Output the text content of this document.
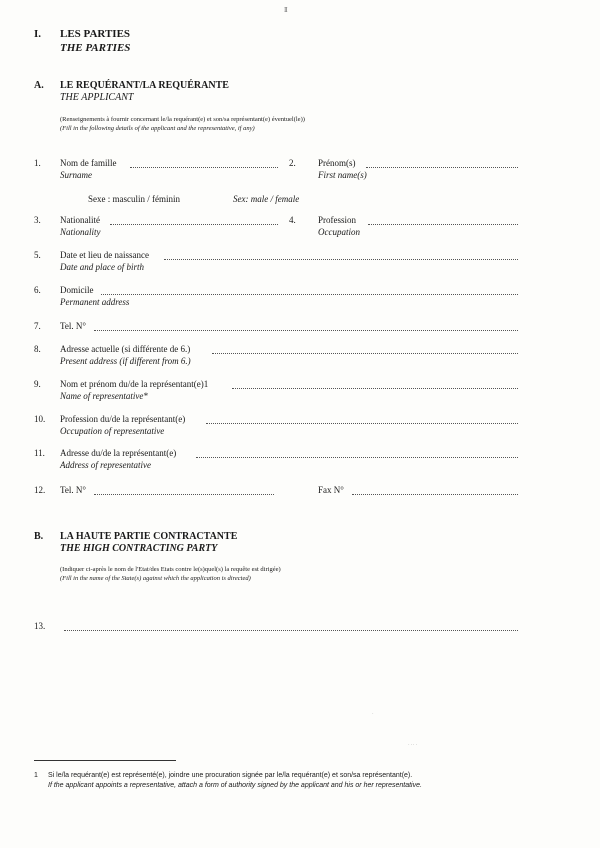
II
I. LES PARTIES
THE PARTIES
A. LE REQUÉRANT/LA REQUÉRANTE
THE APPLICANT
(Renseignements à fournir concernant le/la requérant(e) et son/sa représentant(e) éventuel(le))
(Fill in the following details of the applicant and the representative, if any)
1. Nom de famille
Surname
2. Prénom(s)
First name(s)
Sexe : masculin / féminin	Sex: male / female
3. Nationalité
Nationality
4. Profession
Occupation
5. Date et lieu de naissance
Date and place of birth
6. Domicile
Permanent address
7. Tel. N°
8. Adresse actuelle (si différente de 6.)
Present address (if different from 6.)
9. Nom et prénom du/de la représentant(e)1
Name of representative*
10. Profession du/de la représentant(e)
Occupation of representative
11. Adresse du/de la représentant(e)
Address of representative
12. Tel. N°	Fax N°
B. LA HAUTE PARTIE CONTRACTANTE
THE HIGH CONTRACTING PARTY
(Indiquer ci-après le nom de l'Etat/des Etats contre le(s)quel(s) la requête est dirigée)
(Fill in the name of the State(s) against which the application is directed)
13.
· ·· ·
·
1 Si le/la requérant(e) est représenté(e), joindre une procuration signée par le/la requérant(e) et son/sa représentant(e).
If the applicant appoints a representative, attach a form of authority signed by the applicant and his or her representative.
